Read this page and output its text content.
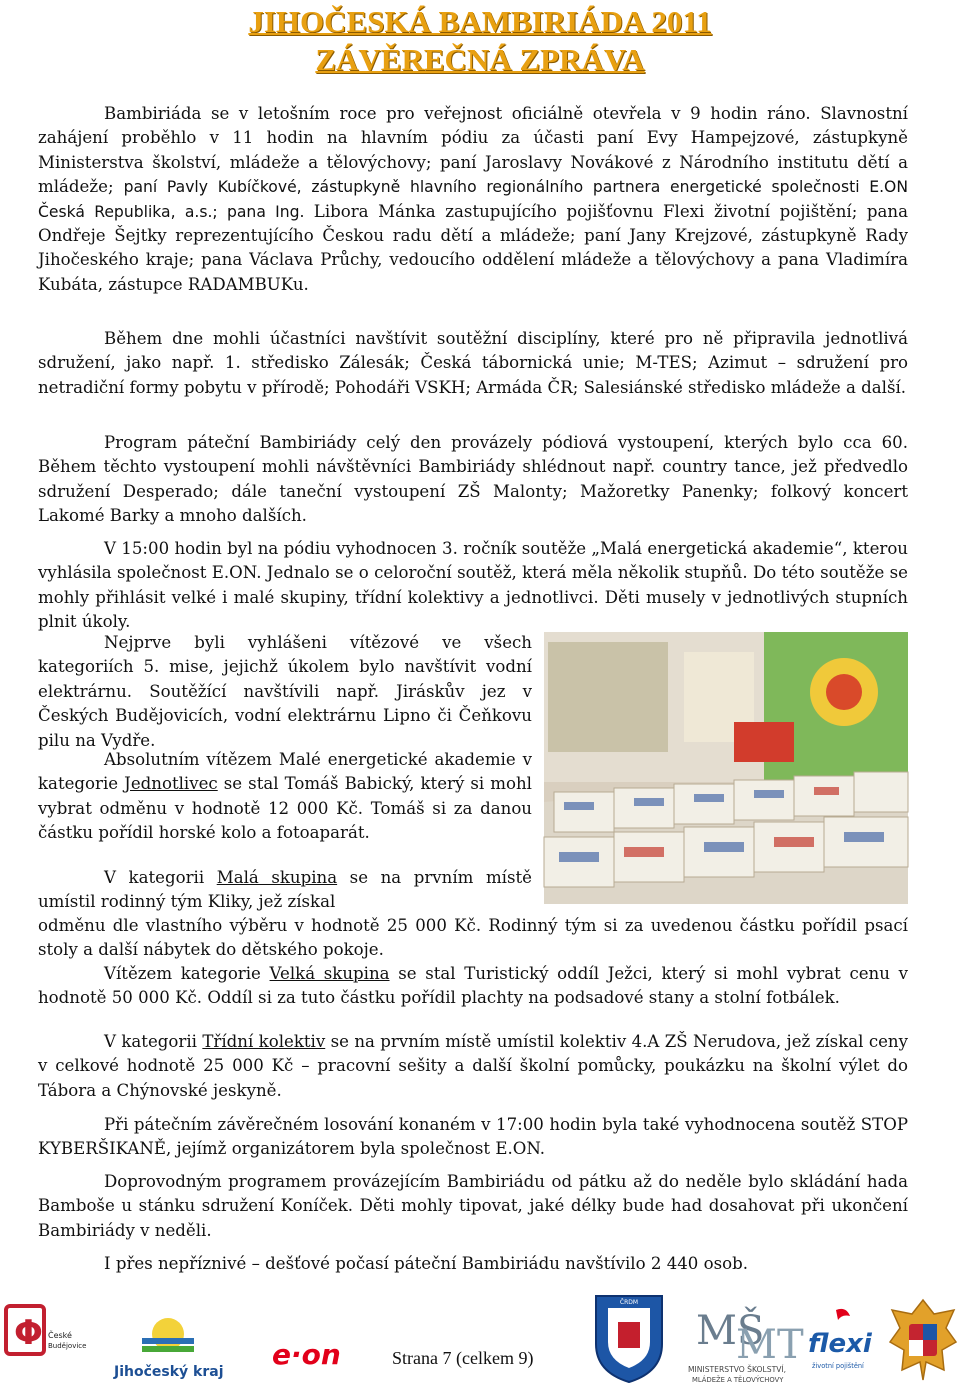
JIHOČESKÁ BAMBIRIÁDA 2011
ZÁVĚREČNÁ ZPRÁVA

Bambiriáda se v letošním roce pro veřejnost oficiálně otevřela v 9 hodin ráno. Slavnostní zahájení proběhlo v 11 hodin na hlavním pódiu za účasti paní Evy Hampejzové, zástupkyně Ministerstva školství, mládeže a tělovýchovy; paní Jaroslavy Novákové z Národního institutu dětí a mládeže; paní Pavly Kubíčkové, zástupkyně hlavního regionálního partnera energetické společnosti E.ON Česká Republika, a.s.; pana Ing. Libora Mánka zastupujícího pojišťovnu Flexi životní pojištění; pana Ondřeje Šejtky reprezentujícího Českou radu dětí a mládeže; paní Jany Krejzové, zástupkyně Rady Jihočeského kraje; pana Václava Průchy, vedoucího oddělení mládeže a tělovýchovy a pana Vladimíra Kubáta, zástupce RADAMBUKu.

Během dne mohli účastníci navštívit soutěžní disciplíny, které pro ně připravila jednotlivá sdružení, jako např. 1. středisko Zálesák; Česká tábornická unie; M-TES; Azimut – sdružení pro netradiční formy pobytu v přírodě; Pohodáři VSKH; Armáda ČR; Salesiánské středisko mládeže a další.

Program páteční Bambiriády celý den provázely pódiová vystoupení, kterých bylo cca 60. Během těchto vystoupení mohli návštěvníci Bambiriády shlédnout např. country tance, jež předvedlo sdružení Desperado; dále taneční vystoupení ZŠ Malonty; Mažoretky Panenky; folkový koncert Lakomé Barky a mnoho dalších.

V 15:00 hodin byl na pódiu vyhodnocen 3. ročník soutěže „Malá energetická akademie“, kterou vyhlásila společnost E.ON. Jednalo se o celoroční soutěž, která měla několik stupňů. Do této soutěže se mohly přihlásit velké i malé skupiny, třídní kolektivy a jednotlivci. Děti musely v jednotlivých stupních plnit úkoly.

Nejprve byli vyhlášeni vítězové ve všech kategoriích 5. mise, jejichž úkolem bylo navštívit vodní elektrárnu. Soutěžící navštívili např. Jiráskův jez v Českých Budějovicích, vodní elektrárnu Lipno či Čeňkovu pilu na Vydře.

Absolutním vítězem Malé energetické akademie v kategorie Jednotlivec se stal Tomáš Babický, který si mohl vybrat odměnu v hodnotě 12 000 Kč. Tomáš si za danou částku pořídil horské kolo a fotoaparát.

V kategorii Malá skupina se na prvním místě umístil rodinný tým Kliky, jež získal

odměnu dle vlastního výběru v hodnotě 25 000 Kč. Rodinný tým si za uvedenou částku pořídil psací stoly a další nábytek do dětského pokoje.

Vítězem kategorie Velká skupina se stal Turistický oddíl Ježci, který si mohl vybrat cenu v hodnotě 50 000 Kč. Oddíl si za tuto částku pořídil plachty na podsadové stany a stolní fotbálek.

V kategorii Třídní kolektiv se na prvním místě umístil kolektiv 4.A ZŠ Nerudova, jež získal ceny v celkové hodnotě 25 000 Kč – pracovní sešity a další školní pomůcky, poukázku na školní výlet do Tábora a Chýnovské jeskyně.

Při pátečním závěrečném losování konaném v 17:00 hodin byla také vyhodnocena soutěž STOP KYBERŠIKANĚ, jejímž organizátorem byla společnost E.ON.

Doprovodným programem provázejícím Bambiriádu od pátku až do neděle bylo skládání hada Bamboše u stánku sdružení Koníček. Děti mohly tipovat, jaké délky bude had dosahovat při ukončení Bambiriády v neděli.

I přes nepříznivé – dešťové počasí páteční Bambiriádu navštívilo 2 440 osob.

Φ České
Budějovice
Jihočeský kraj
e·on
ČRDM
MŠ
MT
MINISTERSTVO ŠKOLSTVÍ,
MLÁDEŽE A TĚLOVÝCHOVY
flexi
životní pojištění
Strana 7 (celkem 9)
